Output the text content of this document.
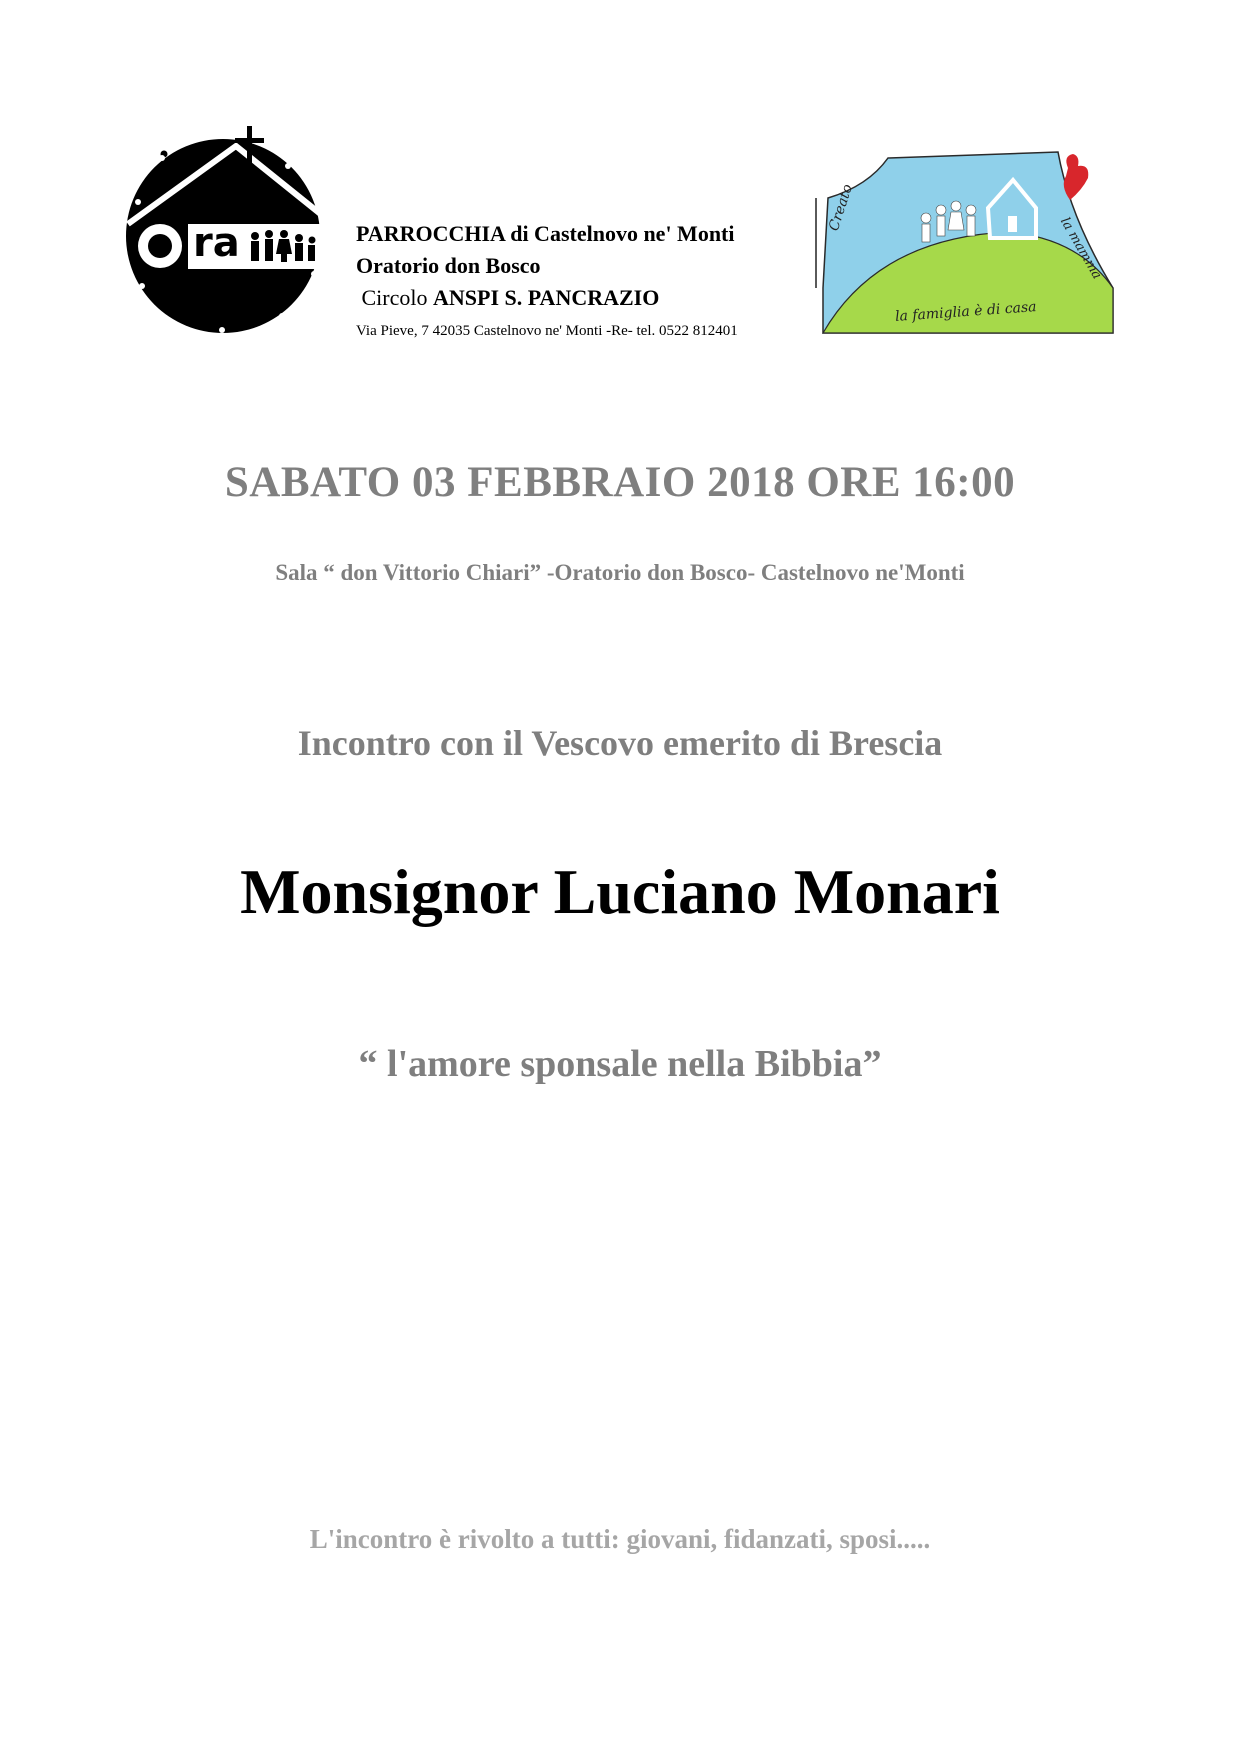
ra	PARROCCHIA di Castelnovo ne' Monti
Oratorio don Bosco
Circolo ANSPI S. PANCRAZIO
Via Pieve, 7 42035 Castelnovo ne' Monti -Re- tel. 0522 812401
Creato
la famiglia è di casa
la mamma
SABATO 03 FEBBRAIO 2018 ORE 16:00
Sala “ don Vittorio Chiari” -Oratorio don Bosco- Castelnovo ne'Monti
Incontro con il Vescovo emerito di Brescia
Monsignor Luciano Monari
“ l'amore sponsale nella Bibbia”
L'incontro è rivolto a tutti: giovani, fidanzati, sposi.....
